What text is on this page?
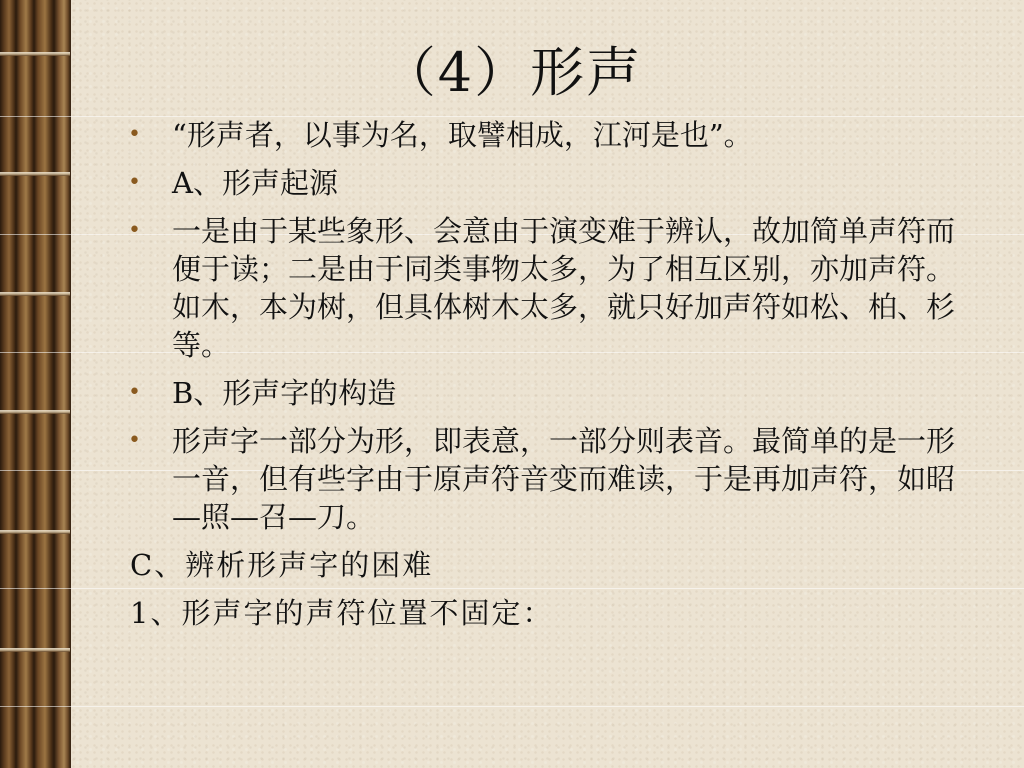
（4）形声
• “形声者，以事为名，取譬相成，江河是也”。
• A、形声起源
• 一是由于某些象形、会意由于演变难于辨认，故加简单声符而便于读；二是由于同类事物太多，为了相互区别，亦加声符。如木，本为树，但具体树木太多，就只好加声符如松、柏、杉等。
• B、形声字的构造
• 形声字一部分为形，即表意，一部分则表音。最简单的是一形一音，但有些字由于原声符音变而难读，于是再加声符，如昭—照—召—刀。
C、辨析形声字的困难
1、形声字的声符位置不固定：
